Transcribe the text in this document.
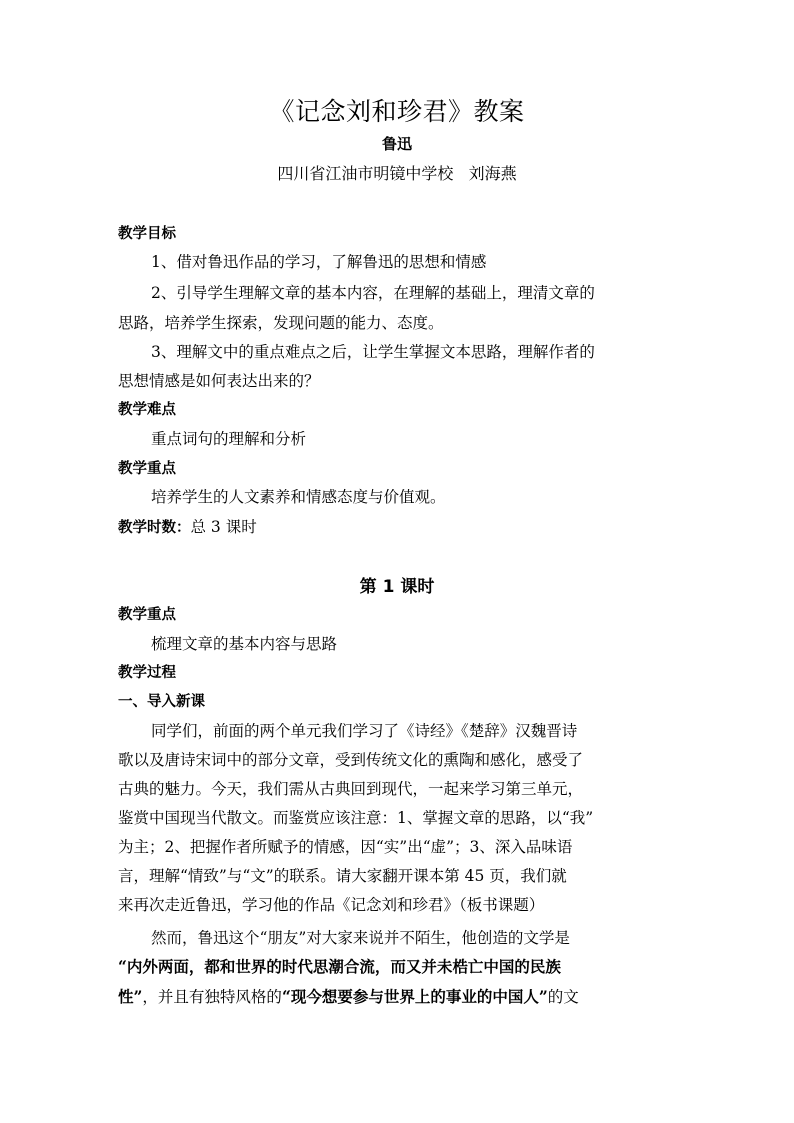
《记念刘和珍君》教案
鲁迅
四川省江油市明镜中学校   刘海燕
教学目标
1、借对鲁迅作品的学习，了解鲁迅的思想和情感
2、引导学生理解文章的基本内容，在理解的基础上，理清文章的
思路，培养学生探索，发现问题的能力、态度。
3、理解文中的重点难点之后，让学生掌握文本思路，理解作者的
思想情感是如何表达出来的？
教学难点
重点词句的理解和分析
教学重点
培养学生的人文素养和情感态度与价值观。
教学时数：总 3 课时
第 1 课时
教学重点
梳理文章的基本内容与思路
教学过程
一、导入新课
同学们，前面的两个单元我们学习了《诗经》《楚辞》汉魏晋诗
歌以及唐诗宋词中的部分文章，受到传统文化的熏陶和感化，感受了
古典的魅力。今天，我们需从古典回到现代，一起来学习第三单元，
鉴赏中国现当代散文。而鉴赏应该注意：1、掌握文章的思路，以“我”
为主；2、把握作者所赋予的情感，因“实”出“虚”；3、深入品味语
言，理解“情致”与“文”的联系。请大家翻开课本第 45 页，我们就
来再次走近鲁迅，学习他的作品《记念刘和珍君》（板书课题）
然而，鲁迅这个“朋友”对大家来说并不陌生，他创造的文学是
“内外两面，都和世界的时代思潮合流，而又并未梏亡中国的民族
性”，并且有独特风格的“现今想要参与世界上的事业的中国人”的文
